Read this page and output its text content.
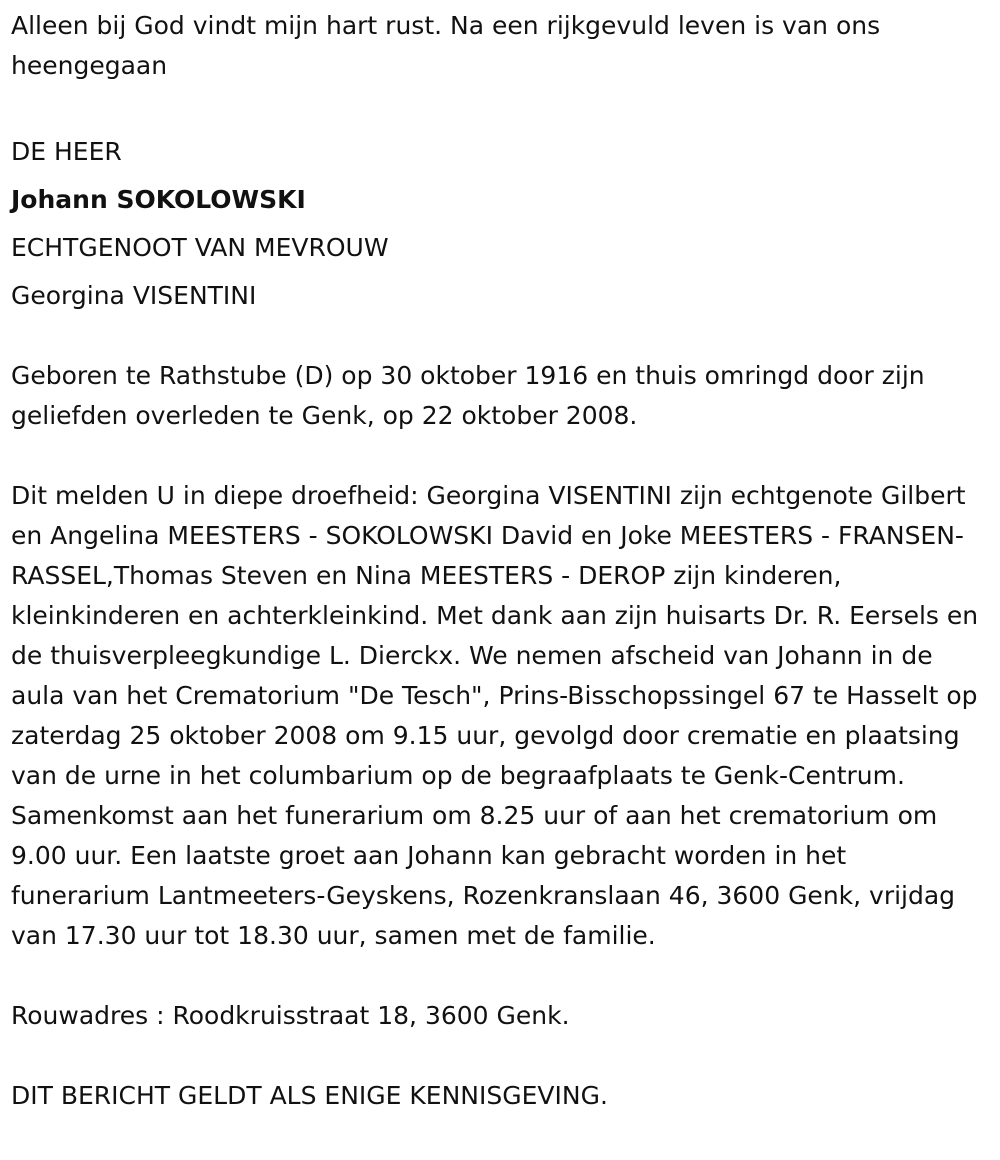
Alleen bij God vindt mijn hart rust. Na een rijkgevuld leven is van ons heengegaan

DE HEER

Johann SOKOLOWSKI

ECHTGENOOT VAN MEVROUW

Georgina VISENTINI

Geboren te Rathstube (D) op 30 oktober 1916 en thuis omringd door zijn geliefden overleden te Genk, op 22 oktober 2008.

Dit melden U in diepe droefheid: Georgina VISENTINI zijn echtgenote Gilbert en Angelina MEESTERS - SOKOLOWSKI David en Joke MEESTERS - FRANSEN-RASSEL,Thomas Steven en Nina MEESTERS - DEROP zijn kinderen, kleinkinderen en achterkleinkind. Met dank aan zijn huisarts Dr. R. Eersels en de thuisverpleegkundige L. Dierckx. We nemen afscheid van Johann in de aula van het Crematorium "De Tesch", Prins-Bisschopssingel 67 te Hasselt op zaterdag 25 oktober 2008 om 9.15 uur, gevolgd door crematie en plaatsing van de urne in het columbarium op de begraafplaats te Genk-Centrum. Samenkomst aan het funerarium om 8.25 uur of aan het crematorium om 9.00 uur. Een laatste groet aan Johann kan gebracht worden in het funerarium Lantmeeters-Geyskens, Rozenkranslaan 46, 3600 Genk, vrijdag van 17.30 uur tot 18.30 uur, samen met de familie.

Rouwadres : Roodkruisstraat 18, 3600 Genk.

DIT BERICHT GELDT ALS ENIGE KENNISGEVING.
